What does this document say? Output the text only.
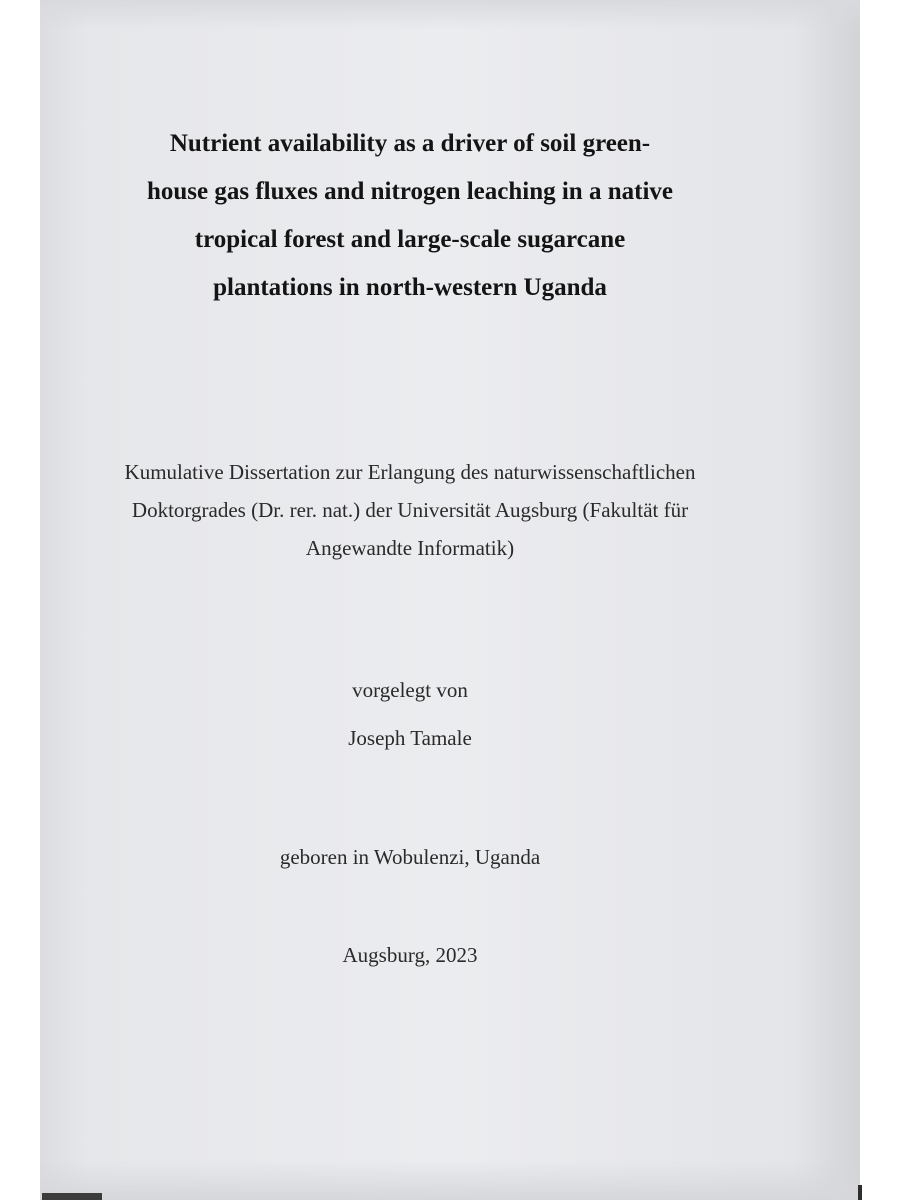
Nutrient availability as a driver of soil green-
house gas fluxes and nitrogen leaching in a native
tropical forest and large-scale sugarcane
plantations in north-western Uganda
Kumulative Dissertation zur Erlangung des naturwissenschaftlichen
Doktorgrades (Dr. rer. nat.) der Universität Augsburg (Fakultät für
Angewandte Informatik)
vorgelegt von
Joseph Tamale
geboren in Wobulenzi, Uganda
Augsburg, 2023
